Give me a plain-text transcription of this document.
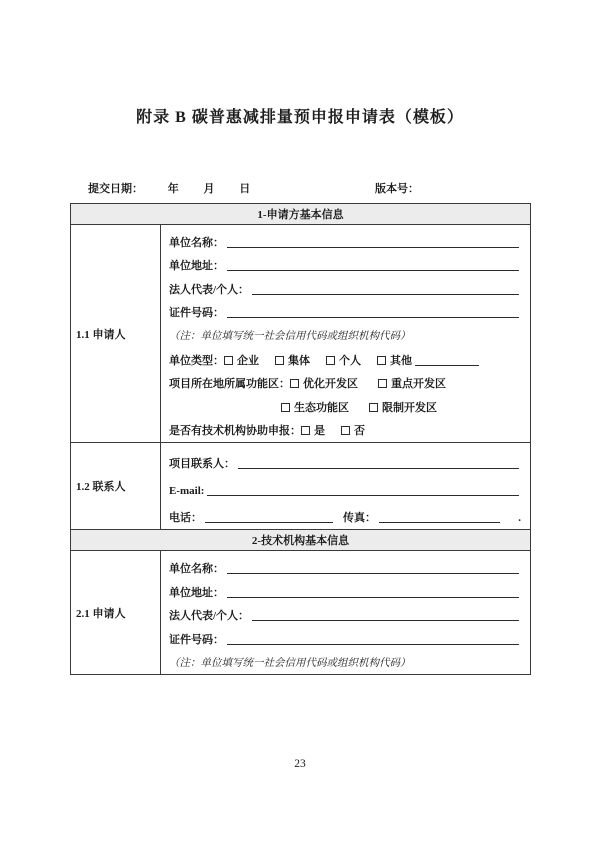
附录 B 碳普惠减排量预申报申请表（模板）
提交日期： 年 月 日	版本号：
1-申请方基本信息
1.1 申请人
单位名称：
单位地址：
法人代表/个人：
证件号码：
（注：单位填写统一社会信用代码或组织机构代码）
单位类型：	企业	集体	个人	其他
项目所在地所属功能区：	优化开发区	重点开发区
生态功能区	限制开发区
是否有技术机构协助申报：	是	否
1.2 联系人
项目联系人：
E-mail:
电话：	传真：	.
2-技术机构基本信息
2.1 申请人
单位名称：
单位地址：
法人代表/个人：
证件号码：
（注：单位填写统一社会信用代码或组织机构代码）
23
